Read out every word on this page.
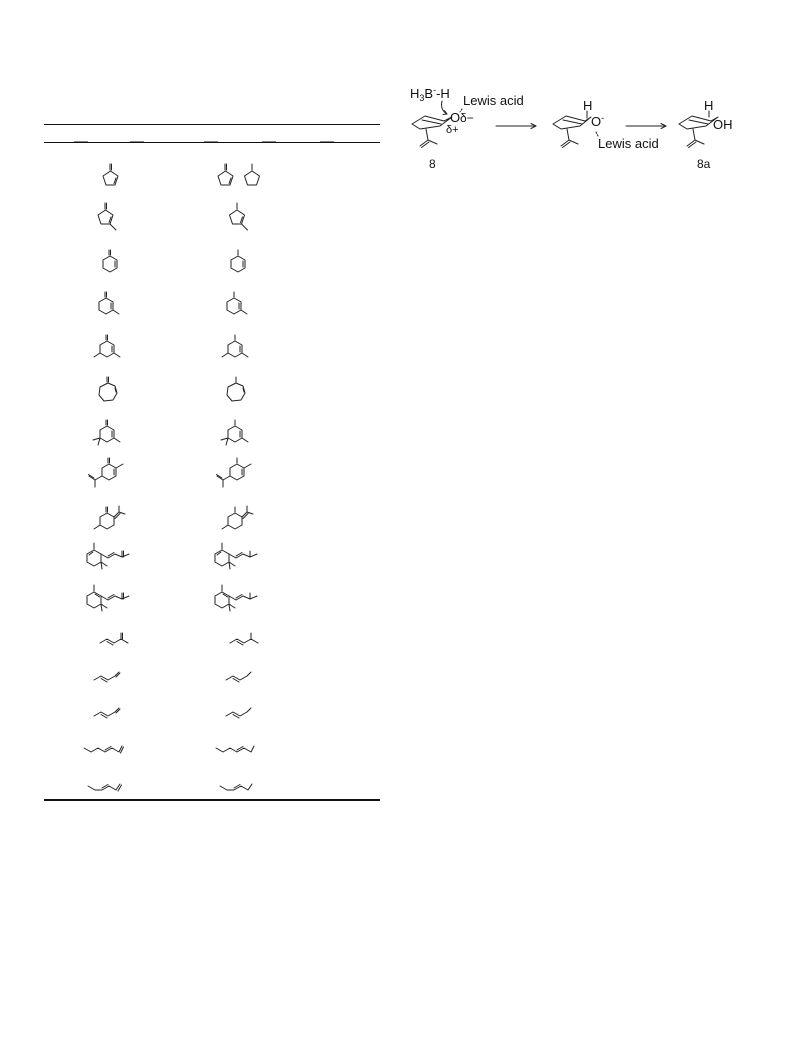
$H_3B^--H$ Lewis acid
O δ−
δ+
8
H
O-
Lewis acid
H
OH
8a
